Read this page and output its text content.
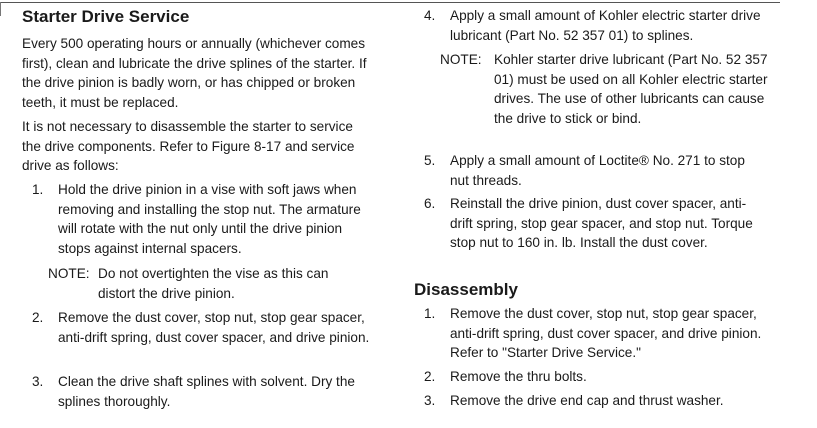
Starter Drive Service

Every 500 operating hours or annually (whichever comes first), clean and lubricate the drive splines of the starter. If the drive pinion is badly worn, or has chipped or broken teeth, it must be replaced.

It is not necessary to disassemble the starter to service the drive components. Refer to Figure 8-17 and service drive as follows:

1.	Hold the drive pinion in a vise with soft jaws when removing and installing the stop nut. The armature will rotate with the nut only until the drive pinion stops against internal spacers.
NOTE: Do not overtighten the vise as this can distort the drive pinion.
2.	Remove the dust cover, stop nut, stop gear spacer, anti-drift spring, dust cover spacer, and drive pinion.
3.	Clean the drive shaft splines with solvent. Dry the splines thoroughly.
4.	Apply a small amount of Kohler electric starter drive lubricant (Part No. 52 357 01) to splines.
NOTE: Kohler starter drive lubricant (Part No. 52 357 01) must be used on all Kohler electric starter drives. The use of other lubricants can cause the drive to stick or bind.
5.	Apply a small amount of Loctite® No. 271 to stop nut threads.
6.	Reinstall the drive pinion, dust cover spacer, anti-drift spring, stop gear spacer, and stop nut. Torque stop nut to 160 in. lb. Install the dust cover.
Disassembly
1.	Remove the dust cover, stop nut, stop gear spacer, anti-drift spring, dust cover spacer, and drive pinion. Refer to "Starter Drive Service."
2.	Remove the thru bolts.
3.	Remove the drive end cap and thrust washer.
